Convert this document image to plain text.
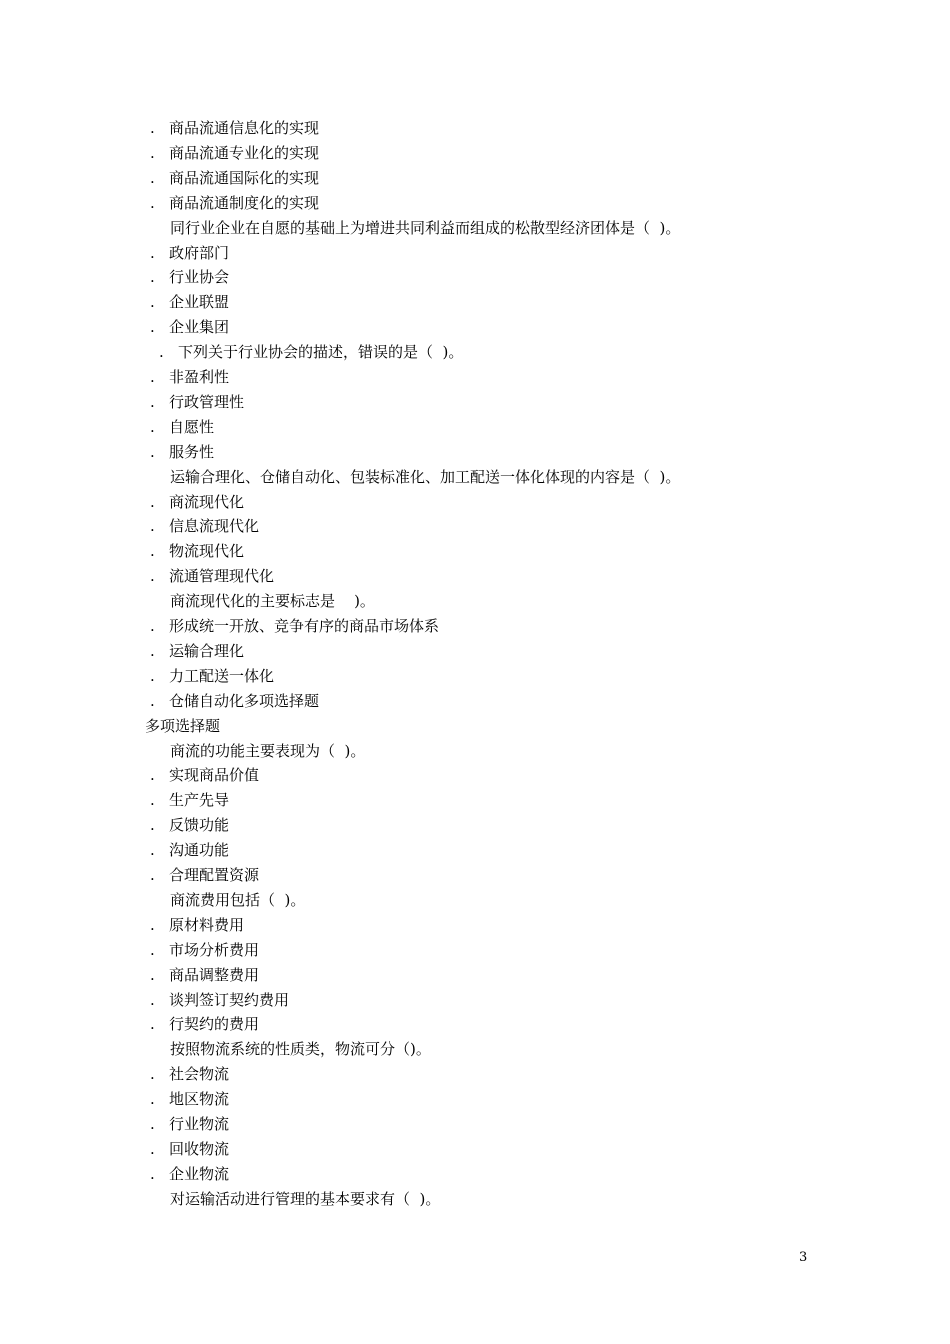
. 商品流通信息化的实现
. 商品流通专业化的实现
. 商品流通国际化的实现
. 商品流通制度化的实现
同行业企业在自愿的基础上为增进共同利益而组成的松散型经济团体是（  )。
. 政府部门
. 行业协会
. 企业联盟
. 企业集团
. 下列关于行业协会的描述，错误的是（  )。
. 非盈利性
. 行政管理性
. 自愿性
. 服务性
运输合理化、仓储自动化、包装标准化、加工配送一体化体现的内容是（  )。
. 商流现代化
. 信息流现代化
. 物流现代化
. 流通管理现代化
商流现代化的主要标志是    )。
. 形成统一开放、竞争有序的商品市场体系
. 运输合理化
. 力工配送一体化
. 仓储自动化多项选择题
多项选择题
商流的功能主要表现为（  )。
. 实现商品价值
. 生产先导
. 反馈功能
. 沟通功能
. 合理配置资源
商流费用包括（  )。
. 原材料费用
. 市场分析费用
. 商品调整费用
. 谈判签订契约费用
. 行契约的费用
按照物流系统的性质类，物流可分（)。
. 社会物流
. 地区物流
. 行业物流
. 回收物流
. 企业物流
对运输活动进行管理的基本要求有（  )。
3
